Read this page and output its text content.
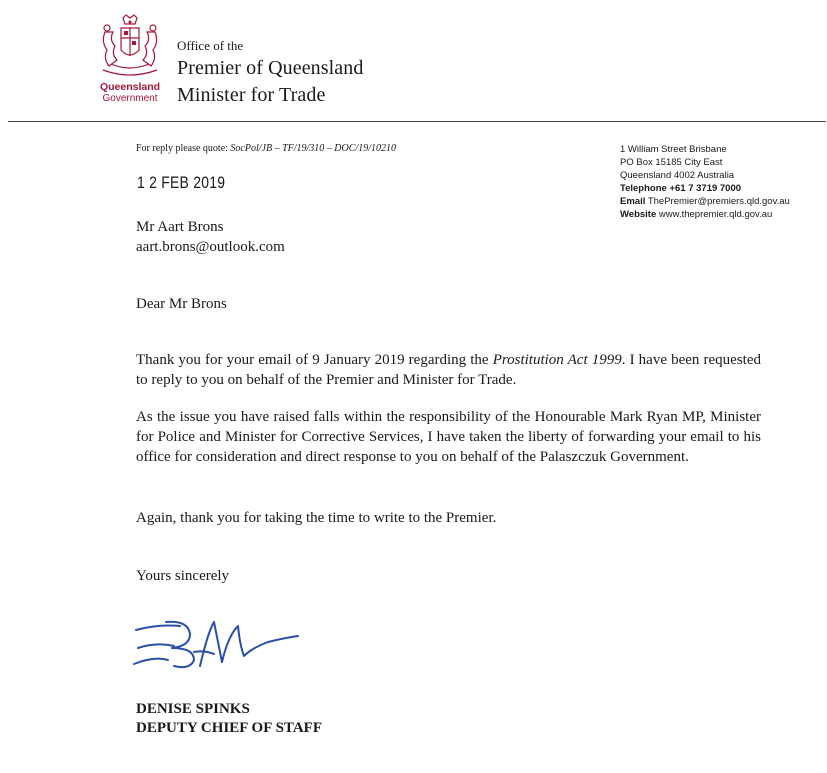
Queensland
Government
Office of the
Premier of Queensland
Minister for Trade
For reply please quote: SocPol/JB – TF/19/310 – DOC/19/10210
1 2 FEB 2019
1 William Street Brisbane
PO Box 15185 City East
Queensland 4002 Australia
Telephone +61 7 3719 7000
Email ThePremier@premiers.qld.gov.au
Website www.thepremier.qld.gov.au
Mr Aart Brons
aart.brons@outlook.com
Dear Mr Brons
Thank you for your email of 9 January 2019 regarding the Prostitution Act 1999. I have been requested to reply to you on behalf of the Premier and Minister for Trade.
As the issue you have raised falls within the responsibility of the Honourable Mark Ryan MP, Minister for Police and Minister for Corrective Services, I have taken the liberty of forwarding your email to his office for consideration and direct response to you on behalf of the Palaszczuk Government.
Again, thank you for taking the time to write to the Premier.
Yours sincerely
DENISE SPINKS
DEPUTY CHIEF OF STAFF
